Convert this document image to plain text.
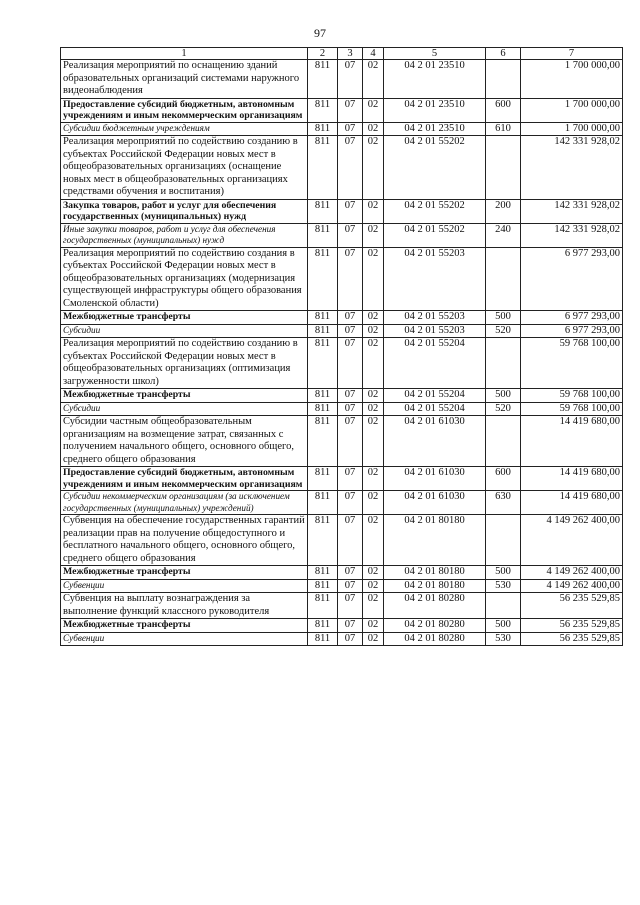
97
1	2	3	4	5	6	7
Реализация мероприятий по оснащению зданий образовательных организаций системами наружного видеонаблюдения	811	07	02	04 2 01 23510		1 700 000,00
Предоставление субсидий бюджетным, автономным учреждениям и иным некоммерческим организациям	811	07	02	04 2 01 23510	600	1 700 000,00
Субсидии бюджетным учреждениям	811	07	02	04 2 01 23510	610	1 700 000,00
Реализация мероприятий по содействию созданию в субъектах Российской Федерации новых мест в общеобразовательных организациях (оснащение новых мест в общеобразовательных организациях средствами обучения и воспитания)	811	07	02	04 2 01 55202		142 331 928,02
Закупка товаров, работ и услуг для обеспечения государственных (муниципальных) нужд	811	07	02	04 2 01 55202	200	142 331 928,02
Иные закупки товаров, работ и услуг для обеспечения государственных (муниципальных) нужд	811	07	02	04 2 01 55202	240	142 331 928,02
Реализация мероприятий по содействию создания в субъектах Российской Федерации новых мест в общеобразовательных организациях (модернизация существующей инфраструктуры общего образования Смоленской области)	811	07	02	04 2 01 55203		6 977 293,00
Межбюджетные трансферты	811	07	02	04 2 01 55203	500	6 977 293,00
Субсидии	811	07	02	04 2 01 55203	520	6 977 293,00
Реализация мероприятий по содействию созданию в субъектах Российской Федерации новых мест в общеобразовательных организациях (оптимизация загруженности школ)	811	07	02	04 2 01 55204		59 768 100,00
Межбюджетные трансферты	811	07	02	04 2 01 55204	500	59 768 100,00
Субсидии	811	07	02	04 2 01 55204	520	59 768 100,00
Субсидии частным общеобразовательным организациям на возмещение затрат, связанных с получением начального общего, основного общего, среднего общего образования	811	07	02	04 2 01 61030		14 419 680,00
Предоставление субсидий бюджетным, автономным учреждениям и иным некоммерческим организациям	811	07	02	04 2 01 61030	600	14 419 680,00
Субсидии некоммерческим организациям (за исключением государственных (муниципальных) учреждений)	811	07	02	04 2 01 61030	630	14 419 680,00
Субвенция на обеспечение государственных гарантий реализации прав на получение общедоступного и бесплатного начального общего, основного общего, среднего общего образования	811	07	02	04 2 01 80180		4 149 262 400,00
Межбюджетные трансферты	811	07	02	04 2 01 80180	500	4 149 262 400,00
Субвенции	811	07	02	04 2 01 80180	530	4 149 262 400,00
Субвенция на выплату вознаграждения за выполнение функций классного руководителя	811	07	02	04 2 01 80280		56 235 529,85
Межбюджетные трансферты	811	07	02	04 2 01 80280	500	56 235 529,85
Субвенции	811	07	02	04 2 01 80280	530	56 235 529,85
